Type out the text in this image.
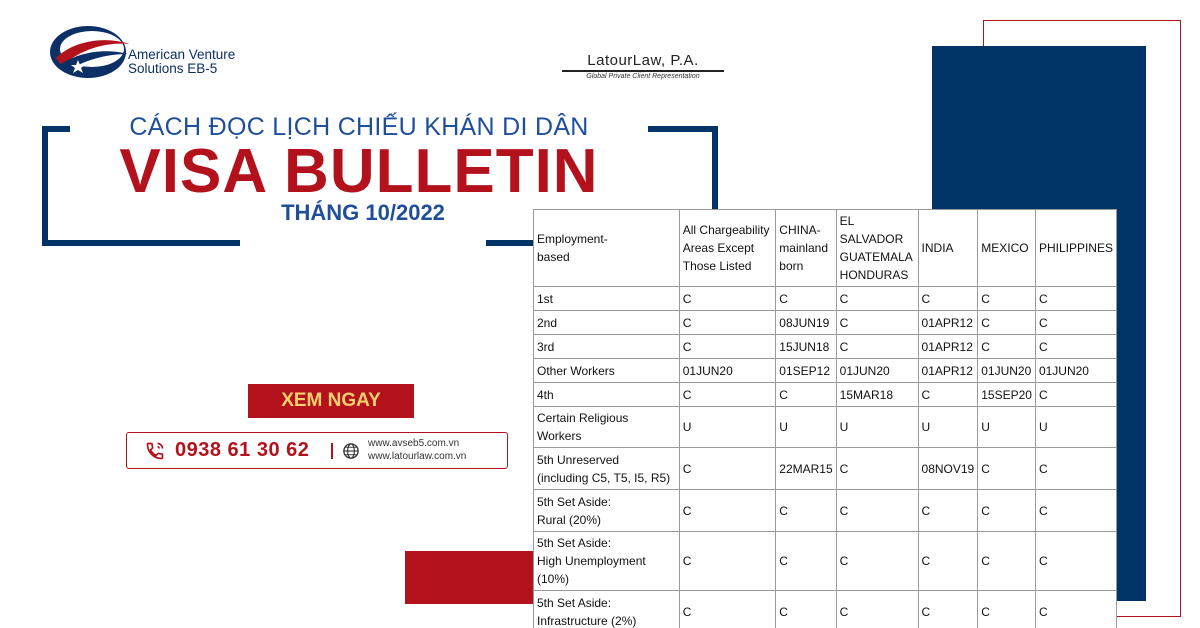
American Venture
Solutions EB-5	LatourLaw, P.A.
Global Private Client Representation
CÁCH ĐỌC LỊCH CHIẾU KHÁN DI DÂN
VISA BULLETIN
THÁNG 10/2022
XEM NGAY
0938 61 30 62	www.avseb5.com.vn
www.latourlaw.com.vn
Employment-
based	All Chargeability
Areas Except
Those Listed	CHINA-
mainland
born	EL SALVADOR
GUATEMALA
HONDURAS	INDIA	MEXICO	PHILIPPINES
1st	C	C	C	C	C	C
2nd	C	08JUN19	C	01APR12	C	C
3rd	C	15JUN18	C	01APR12	C	C
Other Workers	01JUN20	01SEP12	01JUN20	01APR12	01JUN20	01JUN20
4th	C	C	15MAR18	C	15SEP20	C
Certain Religious Workers	U	U	U	U	U	U
5th Unreserved
(including C5, T5, I5, R5)	C	22MAR15	C	08NOV19	C	C
5th Set Aside:
Rural (20%)	C	C	C	C	C	C
5th Set Aside:
High Unemployment (10%)	C	C	C	C	C	C
5th Set Aside:
Infrastructure (2%)	C	C	C	C	C	C
